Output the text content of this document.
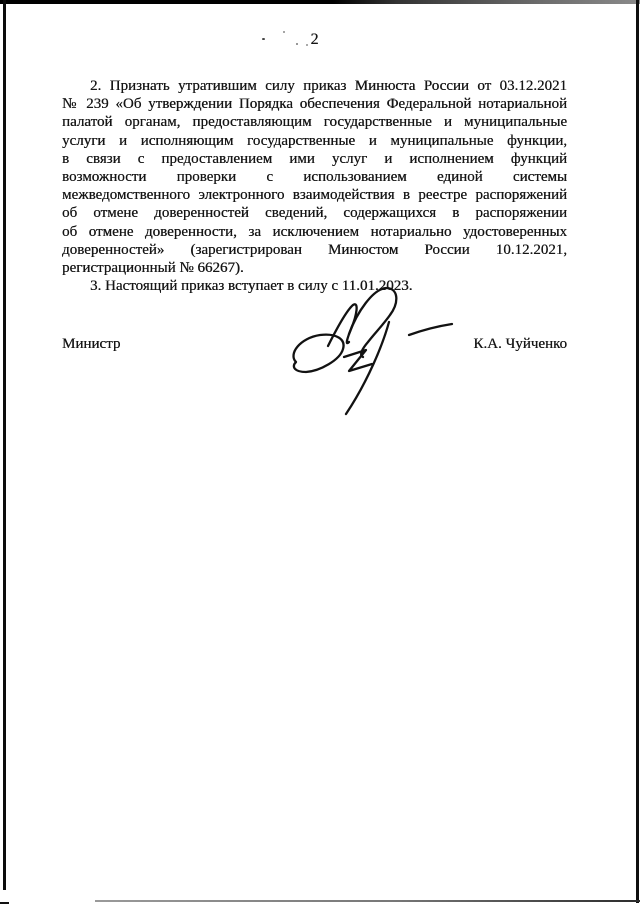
2
2. Признать утратившим силу приказ Минюста России от 03.12.2021
№ 239 «Об утверждении Порядка обеспечения Федеральной нотариальной
палатой органам, предоставляющим государственные и муниципальные
услуги и исполняющим государственные и муниципальные функции,
в связи с предоставлением ими услуг и исполнением функций
возможности проверки с использованием единой системы
межведомственного электронного взаимодействия в реестре распоряжений
об отмене доверенностей сведений, содержащихся в распоряжении
об отмене доверенности, за исключением нотариально удостоверенных
доверенностей» (зарегистрирован Минюстом России 10.12.2021,
регистрационный № 66267).
3. Настоящий приказ вступает в силу с 11.01.2023.
Министр	К.А. Чуйченко
